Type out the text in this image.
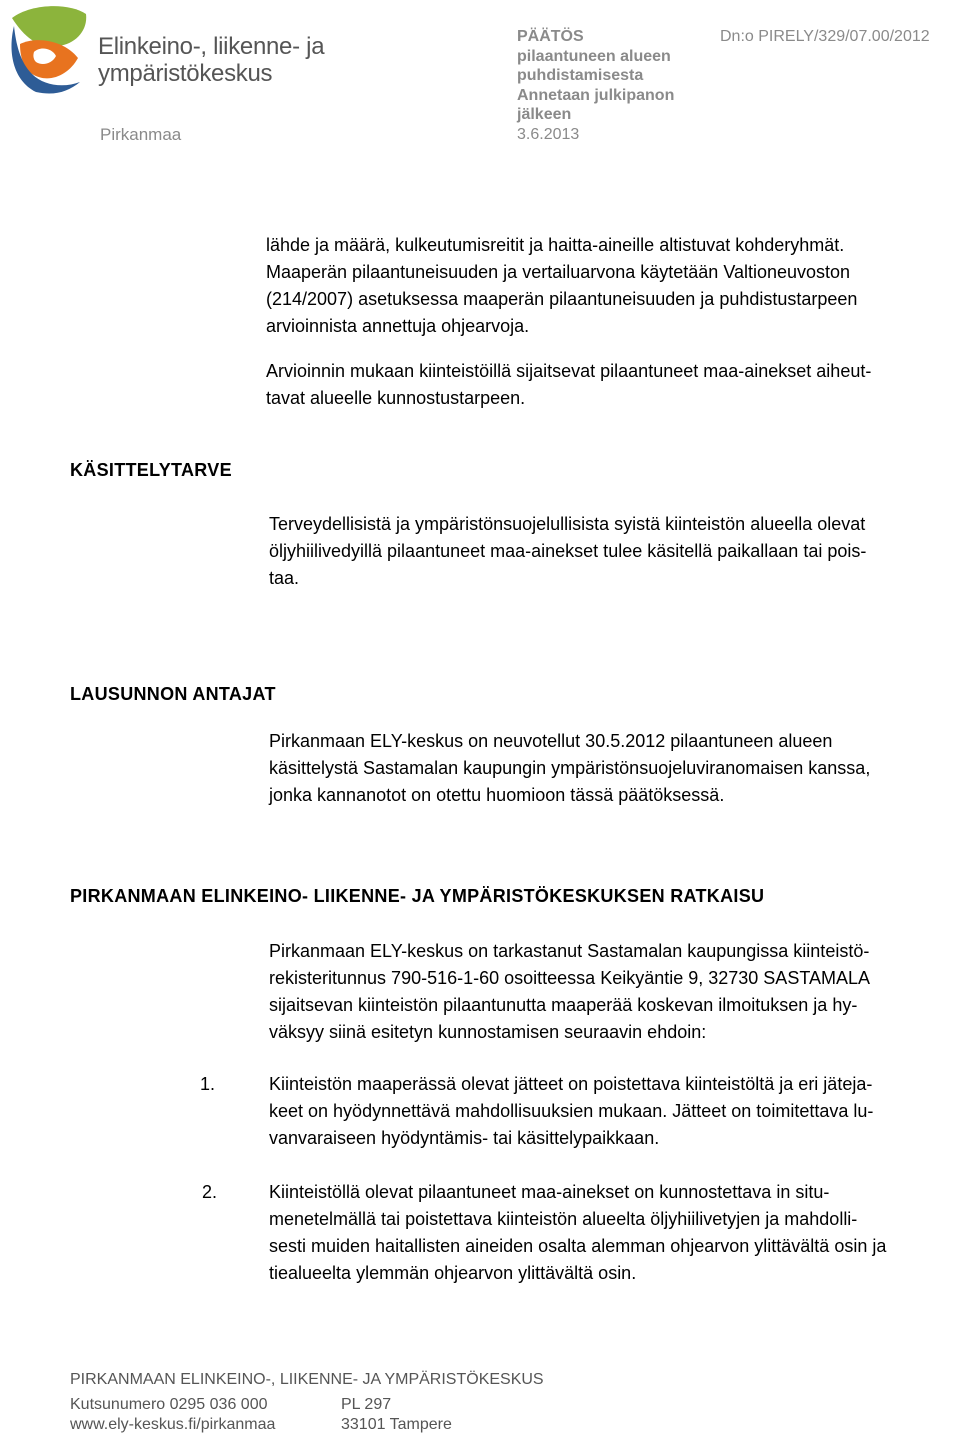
Elinkeino-, liikenne- ja
ympäristökeskus
Pirkanmaa
PÄÄTÖS
pilaantuneen alueen
puhdistamisesta
Annetaan julkipanon
jälkeen
3.6.2013
Dn:o PIRELY/329/07.00/2012

lähde ja määrä, kulkeutumisreitit ja haitta-aineille altistuvat kohderyhmät.

Maaperän pilaantuneisuuden ja vertailuarvona käytetään Valtioneuvoston

(214/2007) asetuksessa maaperän pilaantuneisuuden ja puhdistustarpeen

arvioinnista annettuja ohjearvoja.

Arvioinnin mukaan kiinteistöillä sijaitsevat pilaantuneet maa-ainekset aiheut-

tavat alueelle kunnostustarpeen.

KÄSITTELYTARVE

Terveydellisistä ja ympäristönsuojelullisista syistä kiinteistön alueella olevat

öljyhiilivedyillä pilaantuneet maa-ainekset tulee käsitellä paikallaan tai pois-

taa.

LAUSUNNON ANTAJAT

Pirkanmaan ELY-keskus on neuvotellut 30.5.2012 pilaantuneen alueen

käsittelystä Sastamalan kaupungin ympäristönsuojeluviranomaisen kanssa,

jonka kannanotot on otettu huomioon tässä päätöksessä.

PIRKANMAAN ELINKEINO- LIIKENNE- JA YMPÄRISTÖKESKUKSEN RATKAISU

Pirkanmaan ELY-keskus on tarkastanut Sastamalan kaupungissa kiinteistö-

rekisteritunnus 790-516-1-60 osoitteessa Keikyäntie 9, 32730 SASTAMALA

sijaitsevan kiinteistön pilaantunutta maaperää koskevan ilmoituksen ja hy-

väksyy siinä esitetyn kunnostamisen seuraavin ehdoin:

1.	Kiinteistön maaperässä olevat jätteet on poistettava kiinteistöltä ja eri jäteja-

keet on hyödynnettävä mahdollisuuksien mukaan. Jätteet on toimitettava lu-

vanvaraiseen hyödyntämis- tai käsittelypaikkaan.

2.	Kiinteistöllä olevat pilaantuneet maa-ainekset on kunnostettava in situ-

menetelmällä tai poistettava kiinteistön alueelta öljyhiilivetyjen ja mahdolli-

sesti muiden haitallisten aineiden osalta alemman ohjearvon ylittävältä osin ja

tiealueelta ylemmän ohjearvon ylittävältä osin.

PIRKANMAAN ELINKEINO-, LIIKENNE- JA YMPÄRISTÖKESKUS
Kutsunumero 0295 036 000
www.ely-keskus.fi/pirkanmaa
PL 297
33101 Tampere
